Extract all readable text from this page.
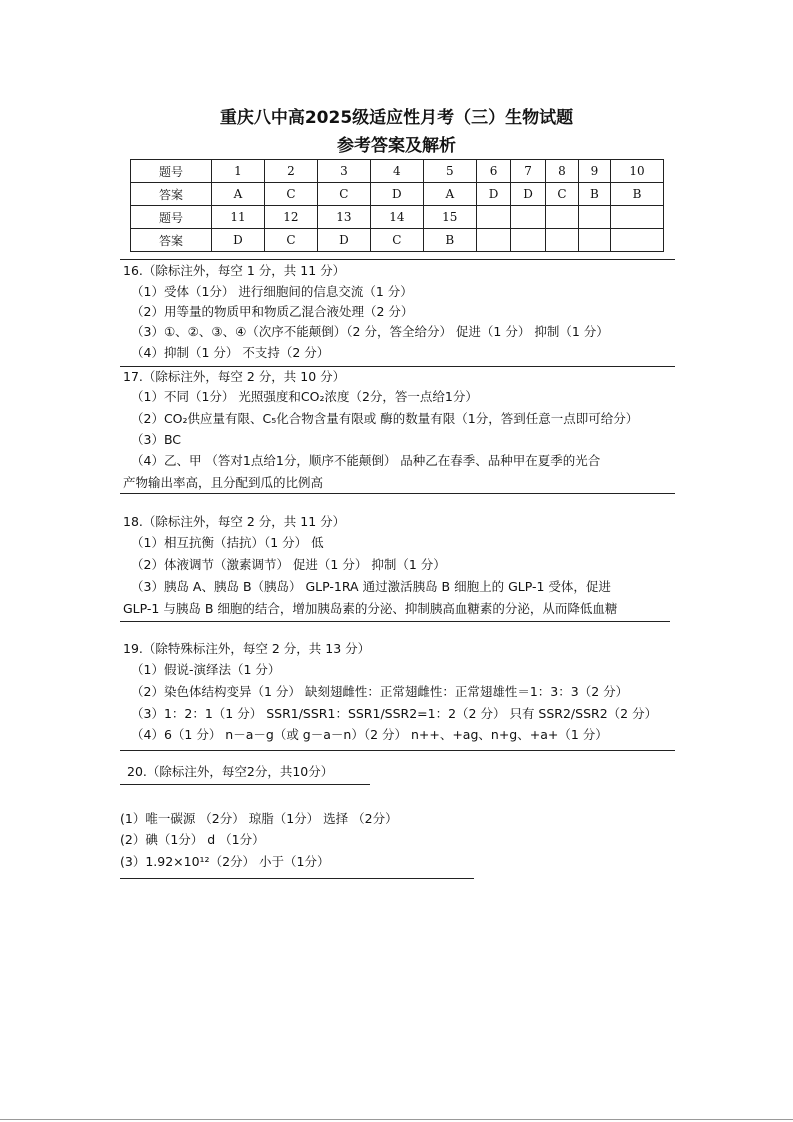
重庆八中高2025级适应性月考（三）生物试题
参考答案及解析
题号	1	2	3	4	5	6	7	8	9	10
答案	A	C	C	D	A	D	D	C	B	B
题号	11	12	13	14	15					
答案	D	C	D	C	B					
16.（除标注外，每空 1 分，共 11 分）
（1）受体（1分） 进行细胞间的信息交流（1 分）
（2）用等量的物质甲和物质乙混合液处理（2 分）
（3）①、②、③、④（次序不能颠倒）（2 分，答全给分） 促进（1 分） 抑制（1 分）
（4）抑制（1 分） 不支持（2 分）
17.（除标注外，每空 2 分，共 10 分）
（1）不同（1分） 光照强度和CO₂浓度（2分，答一点给1分）
（2）CO₂供应量有限、C₅化合物含量有限或 酶的数量有限（1分，答到任意一点即可给分）
（3）BC
（4）乙、甲 （答对1点给1分，顺序不能颠倒） 品种乙在春季、品种甲在夏季的光合
产物输出率高，且分配到瓜的比例高
18.（除标注外，每空 2 分，共 11 分）
（1）相互抗衡（拮抗）（1 分） 低
（2）体液调节（激素调节） 促进（1 分） 抑制（1 分）
（3）胰岛 A、胰岛 B（胰岛） GLP-1RA 通过激活胰岛 B 细胞上的 GLP-1 受体，促进
GLP-1 与胰岛 B 细胞的结合，增加胰岛素的分泌、抑制胰高血糖素的分泌，从而降低血糖
19.（除特殊标注外，每空 2 分，共 13 分）
（1）假说-演绎法（1 分）
（2）染色体结构变异（1 分） 缺刻翅雌性：正常翅雌性：正常翅雄性＝1：3：3（2 分）
（3）1：2：1（1 分） SSR1/SSR1：SSR1/SSR2=1：2（2 分） 只有 SSR2/SSR2（2 分）
（4）6（1 分） n－a－g（或 g－a－n）（2 分） n++、+ag、n+g、+a+（1 分）
20.（除标注外，每空2分，共10分）
(1）唯一碳源 （2分） 琼脂（1分） 选择 （2分）
(2）碘（1分） d （1分）
(3）1.92×10¹²（2分） 小于（1分）
